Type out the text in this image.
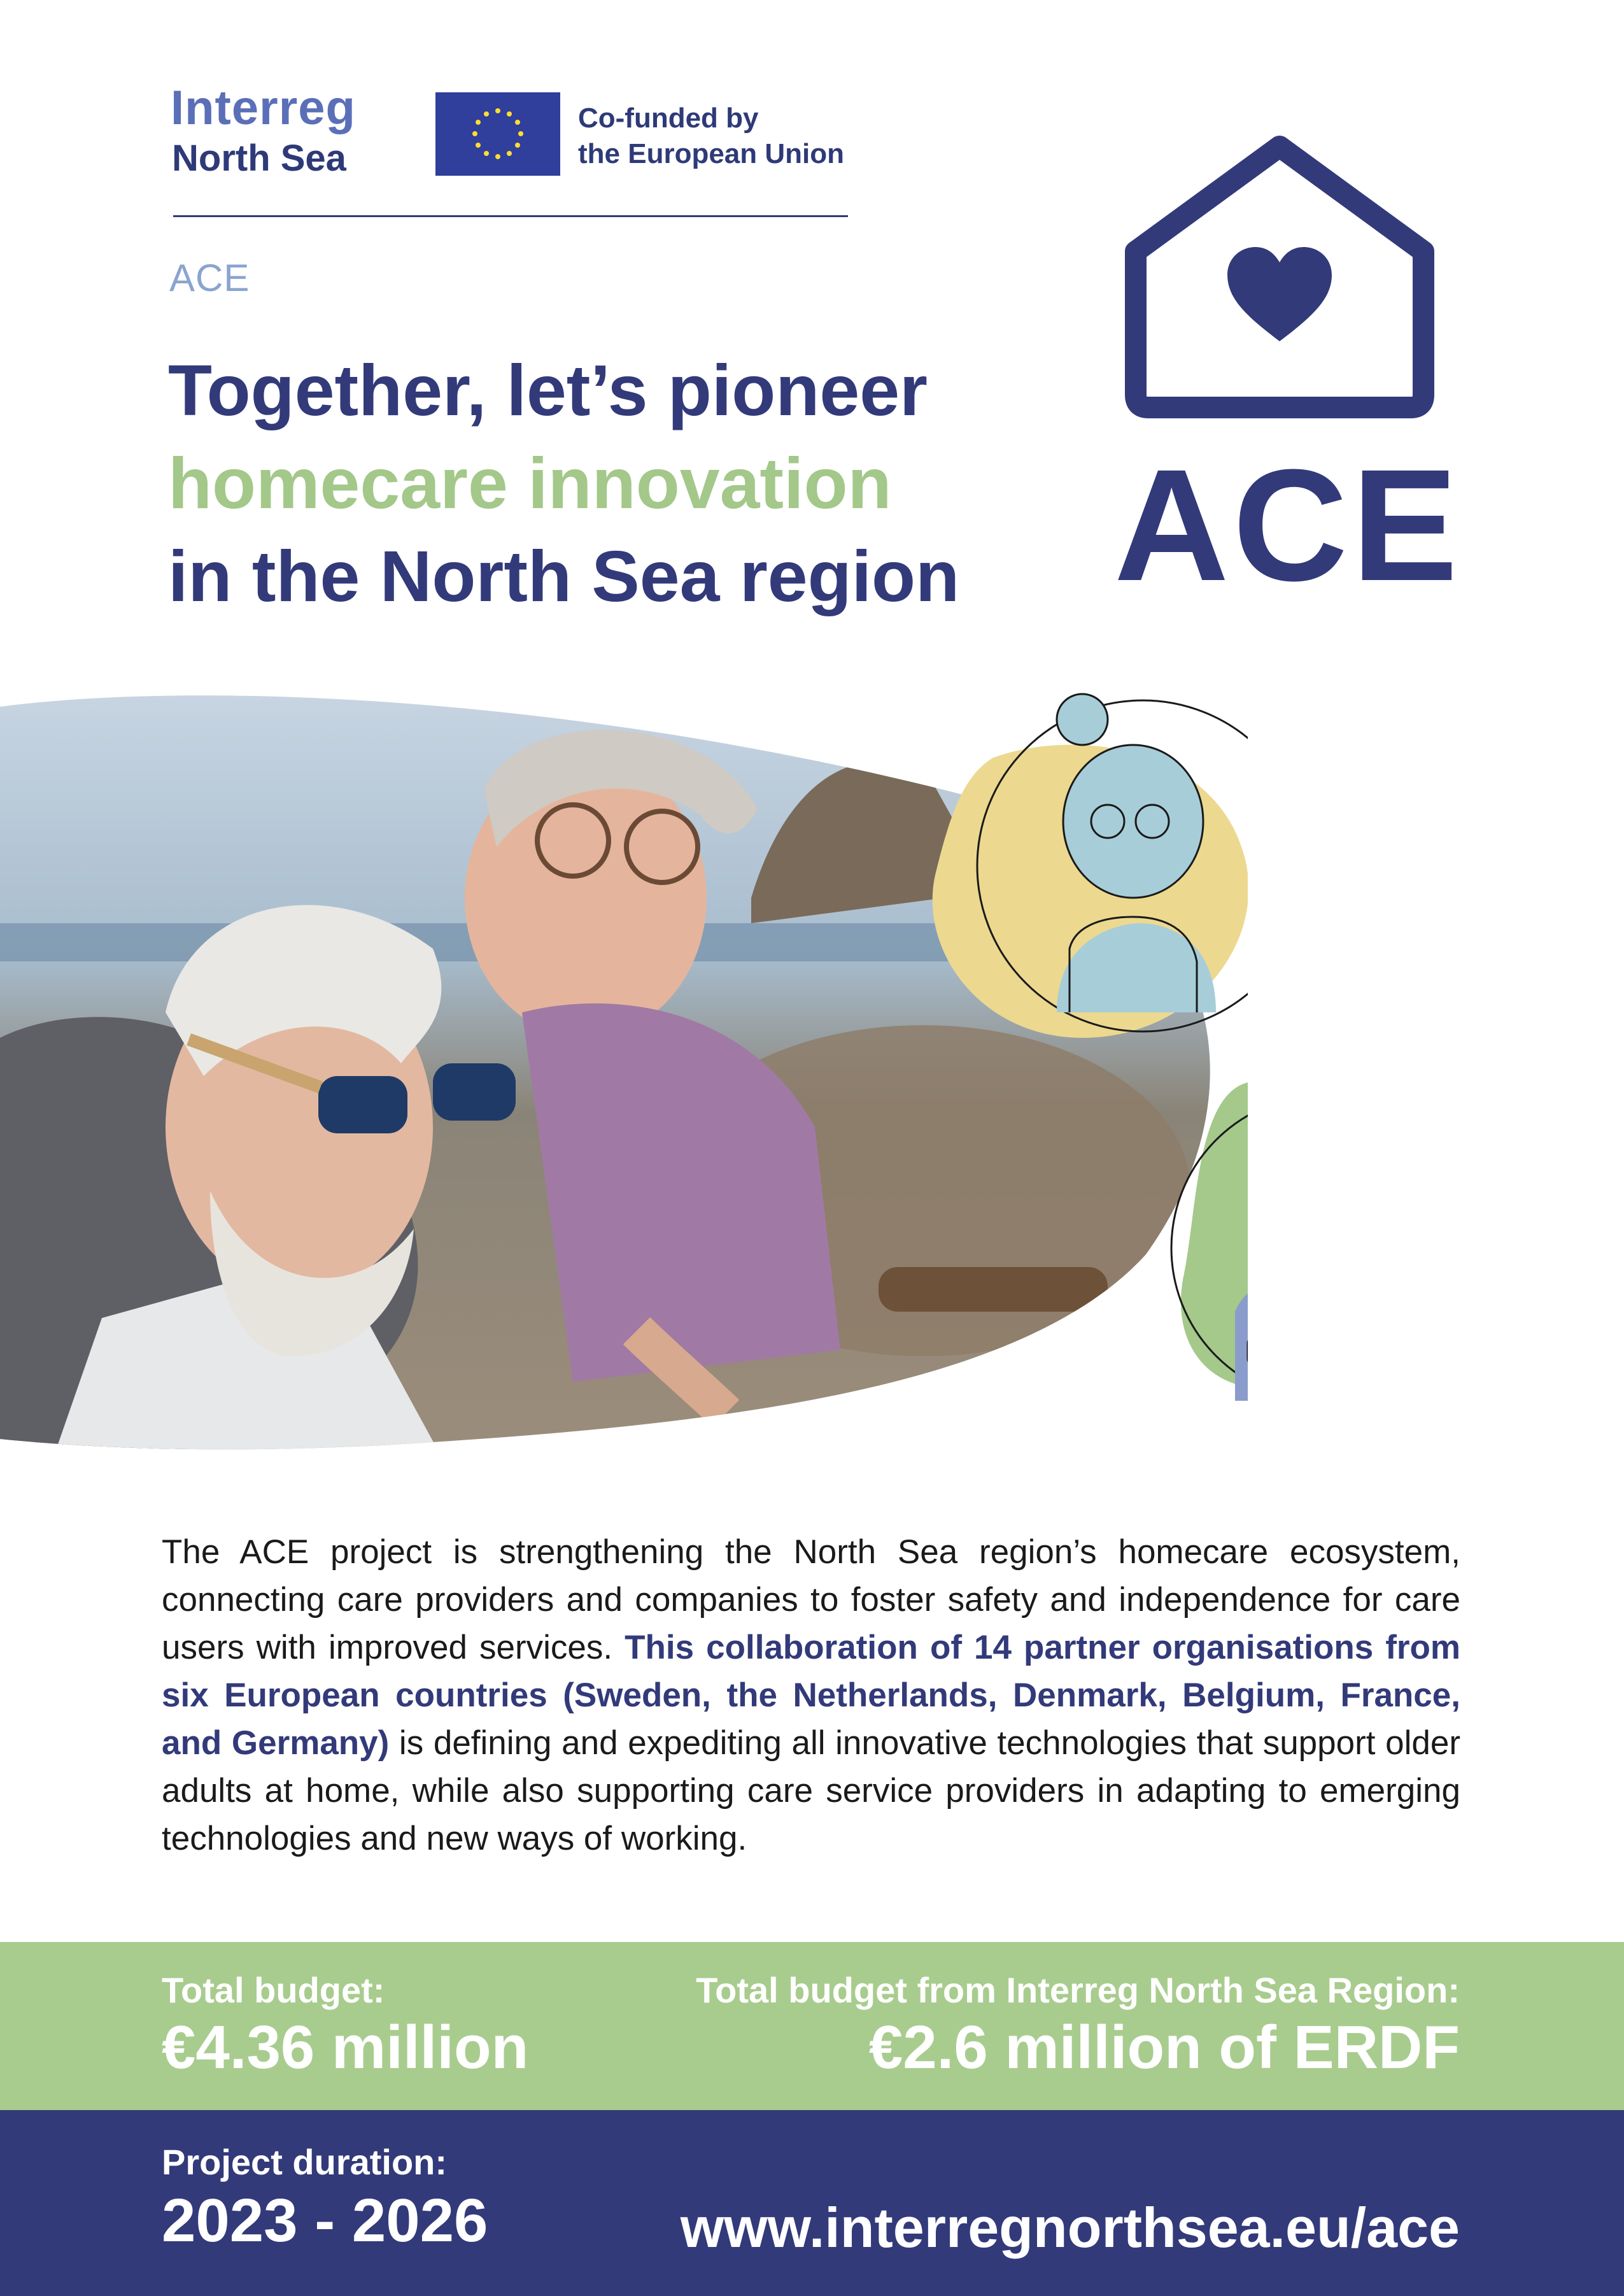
Interreg
North Sea
Co-funded by
the European Union
ACE
Together, let’s pioneer
homecare innovation
in the North Sea region ACE
The ACE project is strengthening the North Sea region’s homecare ecosystem, connecting care providers and companies to foster safety and independence for care users with improved services. This collaboration of 14 partner organisations from six European countries (Sweden, the Netherlands, Denmark, Belgium, France, and Germany) is defining and expediting all innovative technologies that support older adults at home, while also supporting care service providers in adapting to emerging technologies and new ways of working.
Total budget:
€4.36 million
Total budget from Interreg North Sea Region:
€2.6 million of ERDF
Project duration:
2023 - 2026	www.interregnorthsea.eu/ace
